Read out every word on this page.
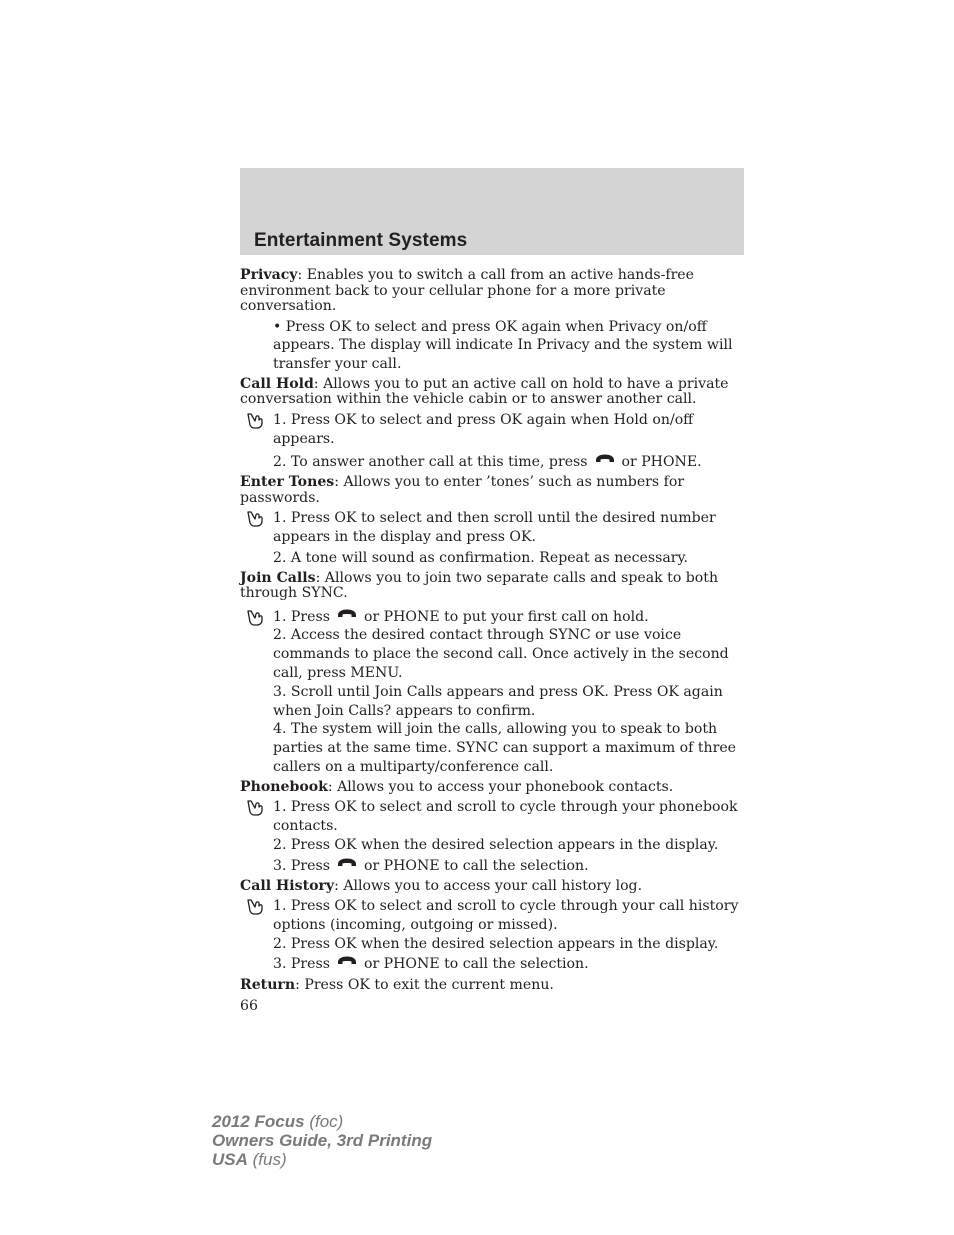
Entertainment Systems

Privacy: Enables you to switch a call from an active hands-free environment back to your cellular phone for a more private conversation.

• Press OK to select and press OK again when Privacy on/off appears. The display will indicate In Privacy and the system will transfer your call.

Call Hold: Allows you to put an active call on hold to have a private conversation within the vehicle cabin or to answer another call.

1. Press OK to select and press OK again when Hold on/off appears.

2. To answer another call at this time, press or PHONE.

Enter Tones: Allows you to enter ’tones’ such as numbers for passwords.

1. Press OK to select and then scroll until the desired number appears in the display and press OK.

2. A tone will sound as confirmation. Repeat as necessary.

Join Calls: Allows you to join two separate calls and speak to both through SYNC.

1. Press or PHONE to put your first call on hold.

2. Access the desired contact through SYNC or use voice commands to place the second call. Once actively in the second call, press MENU.

3. Scroll until Join Calls appears and press OK. Press OK again when Join Calls? appears to confirm.

4. The system will join the calls, allowing you to speak to both parties at the same time. SYNC can support a maximum of three callers on a multiparty/conference call.

Phonebook: Allows you to access your phonebook contacts.

1. Press OK to select and scroll to cycle through your phonebook contacts.

2. Press OK when the desired selection appears in the display.

3. Press or PHONE to call the selection.

Call History: Allows you to access your call history log.

1. Press OK to select and scroll to cycle through your call history options (incoming, outgoing or missed).

2. Press OK when the desired selection appears in the display.

3. Press or PHONE to call the selection.

Return: Press OK to exit the current menu.

66
2012 Focus (foc)
Owners Guide, 3rd Printing
USA (fus)
